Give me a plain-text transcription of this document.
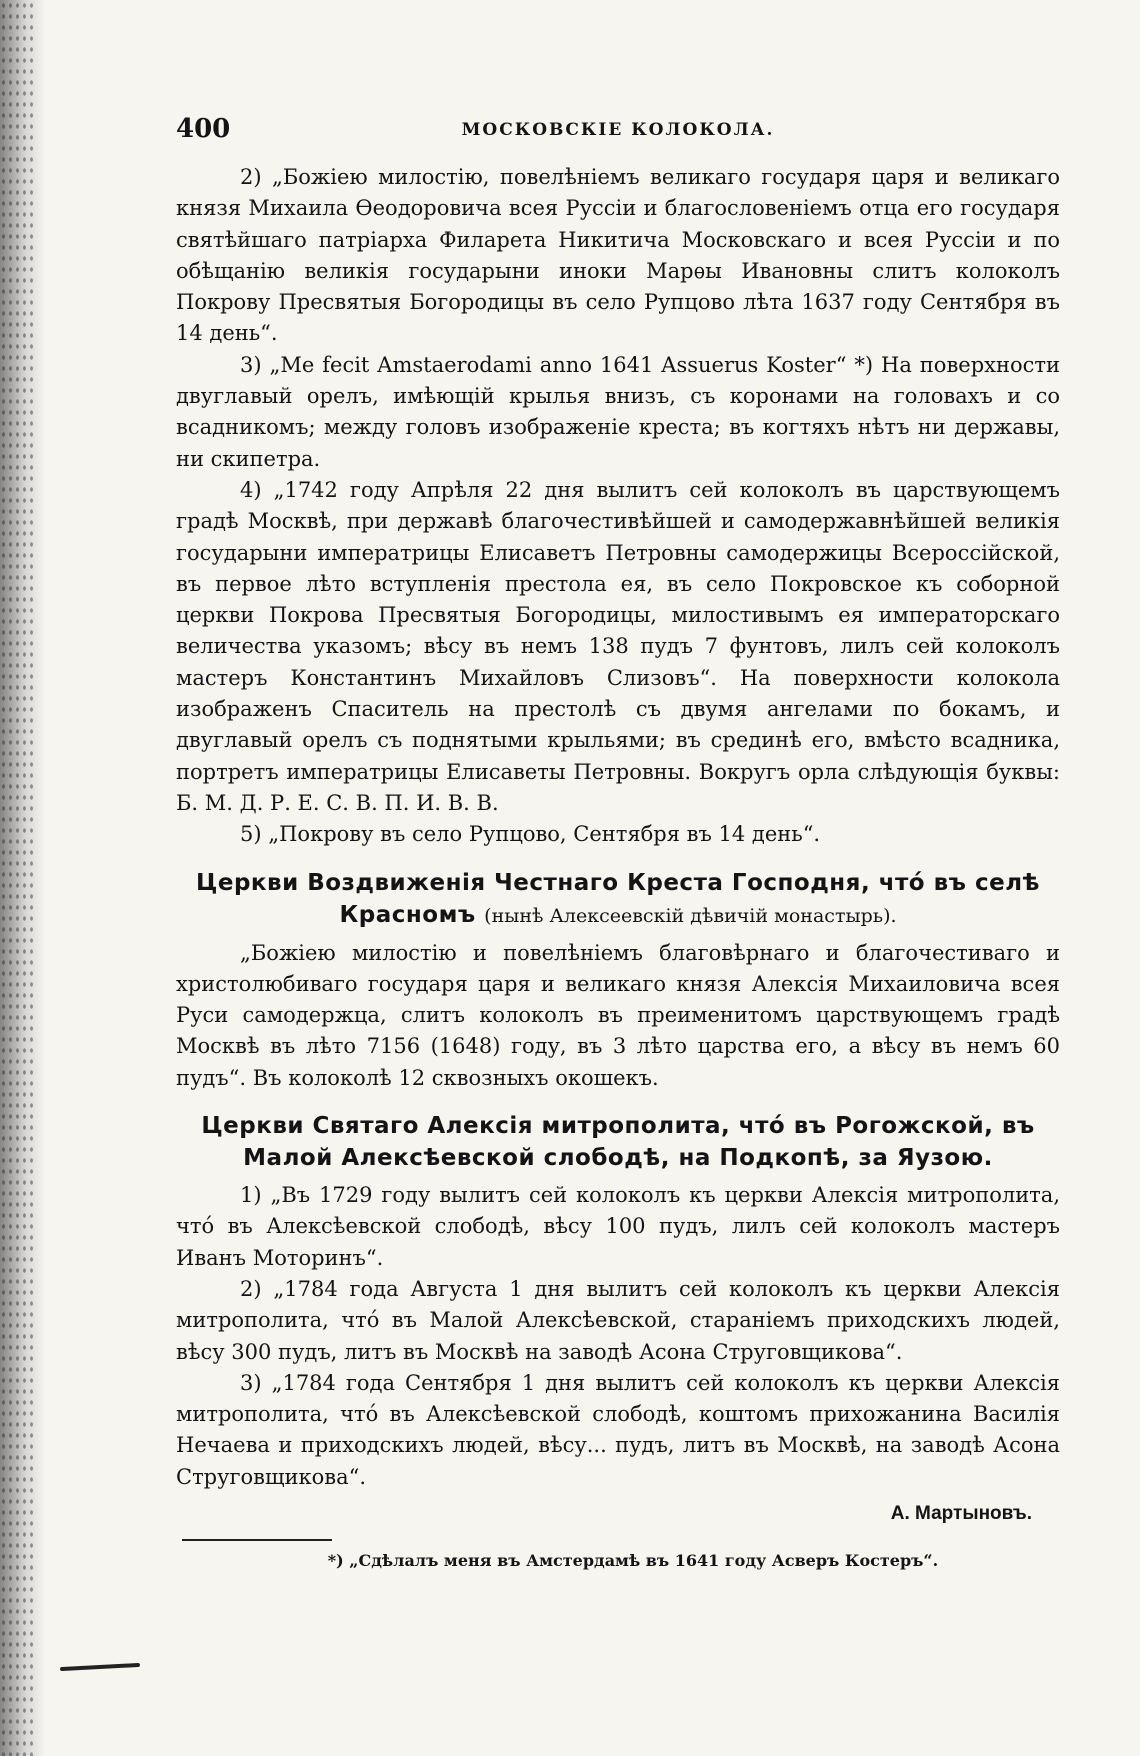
400	МОСКОВСКІЕ КОЛОКОЛА.

2) „Божіею милостію, повелѣніемъ великаго государя царя и великаго князя Михаила Ѳеодоровича всея Руссіи и благословеніемъ отца его государя святѣйшаго патріарха Филарета Никитича Московскаго и всея Руссіи и по обѣщанію великія государыни иноки Марѳы Ивановны слитъ колоколъ Покрову Пресвятыя Богородицы въ село Рупцово лѣта 1637 году Сентября въ 14 день“.

3) „Me fecit Amstaerodami anno 1641 Assuerus Koster“ *) На поверхности двуглавый орелъ, имѣющій крылья внизъ, съ коронами на головахъ и со всадникомъ; между головъ изображеніе креста; въ когтяхъ нѣтъ ни державы, ни скипетра.

4) „1742 году Апрѣля 22 дня вылитъ сей колоколъ въ царствующемъ градѣ Москвѣ, при державѣ благочестивѣйшей и самодержавнѣйшей великія государыни императрицы Елисаветъ Петровны самодержицы Всероссійской, въ первое лѣто вступленія престола ея, въ село Покровское къ соборной церкви Покрова Пресвятыя Богородицы, милостивымъ ея императорскаго величества указомъ; вѣсу въ немъ 138 пудъ 7 фунтовъ, лилъ сей колоколъ мастеръ Константинъ Михайловъ Слизовъ“. На поверхности колокола изображенъ Спаситель на престолѣ съ двумя ангелами по бокамъ, и двуглавый орелъ съ поднятыми крыльями; въ срединѣ его, вмѣсто всадника, портретъ императрицы Елисаветы Петровны. Вокругъ орла слѣдующія буквы: Б. М. Д. Р. Е. С. В. П. И. В. В.

5) „Покрову въ село Рупцово, Сентября въ 14 день“.

Церкви Воздвиженія Честнаго Креста Господня, что́ въ селѣ Красномъ (нынѣ Алексеевскій дѣвичій монастырь).

„Божіею милостію и повелѣніемъ благовѣрнаго и благочестиваго и христолюбиваго государя царя и великаго князя Алексія Михаиловича всея Руси самодержца, слитъ колоколъ въ преименитомъ царствующемъ градѣ Москвѣ въ лѣто 7156 (1648) году, въ 3 лѣто царства его, а вѣсу въ немъ 60 пудъ“. Въ колоколѣ 12 сквозныхъ окошекъ.

Церкви Святаго Алексія митрополита, что́ въ Рогожской, въ Малой Алексѣевской слободѣ, на Подкопѣ, за Яузою.

1) „Въ 1729 году вылитъ сей колоколъ къ церкви Алексія митрополита, что́ въ Алексѣевской слободѣ, вѣсу 100 пудъ, лилъ сей колоколъ мастеръ Иванъ Моторинъ“.

2) „1784 года Августа 1 дня вылитъ сей колоколъ къ церкви Алексія митрополита, что́ въ Малой Алексѣевской, стараніемъ приходскихъ людей, вѣсу 300 пудъ, литъ въ Москвѣ на заводѣ Асона Струговщикова“.

3) „1784 года Сентября 1 дня вылитъ сей колоколъ къ церкви Алексія митрополита, что́ въ Алексѣевской слободѣ, коштомъ прихожанина Василія Нечаева и приходскихъ людей, вѣсу... пудъ, литъ въ Москвѣ, на заводѣ Асона Струговщикова“.

А. Мартыновъ.
*) „Сдѣлалъ меня въ Амстердамѣ въ 1641 году Асверъ Костеръ“.
